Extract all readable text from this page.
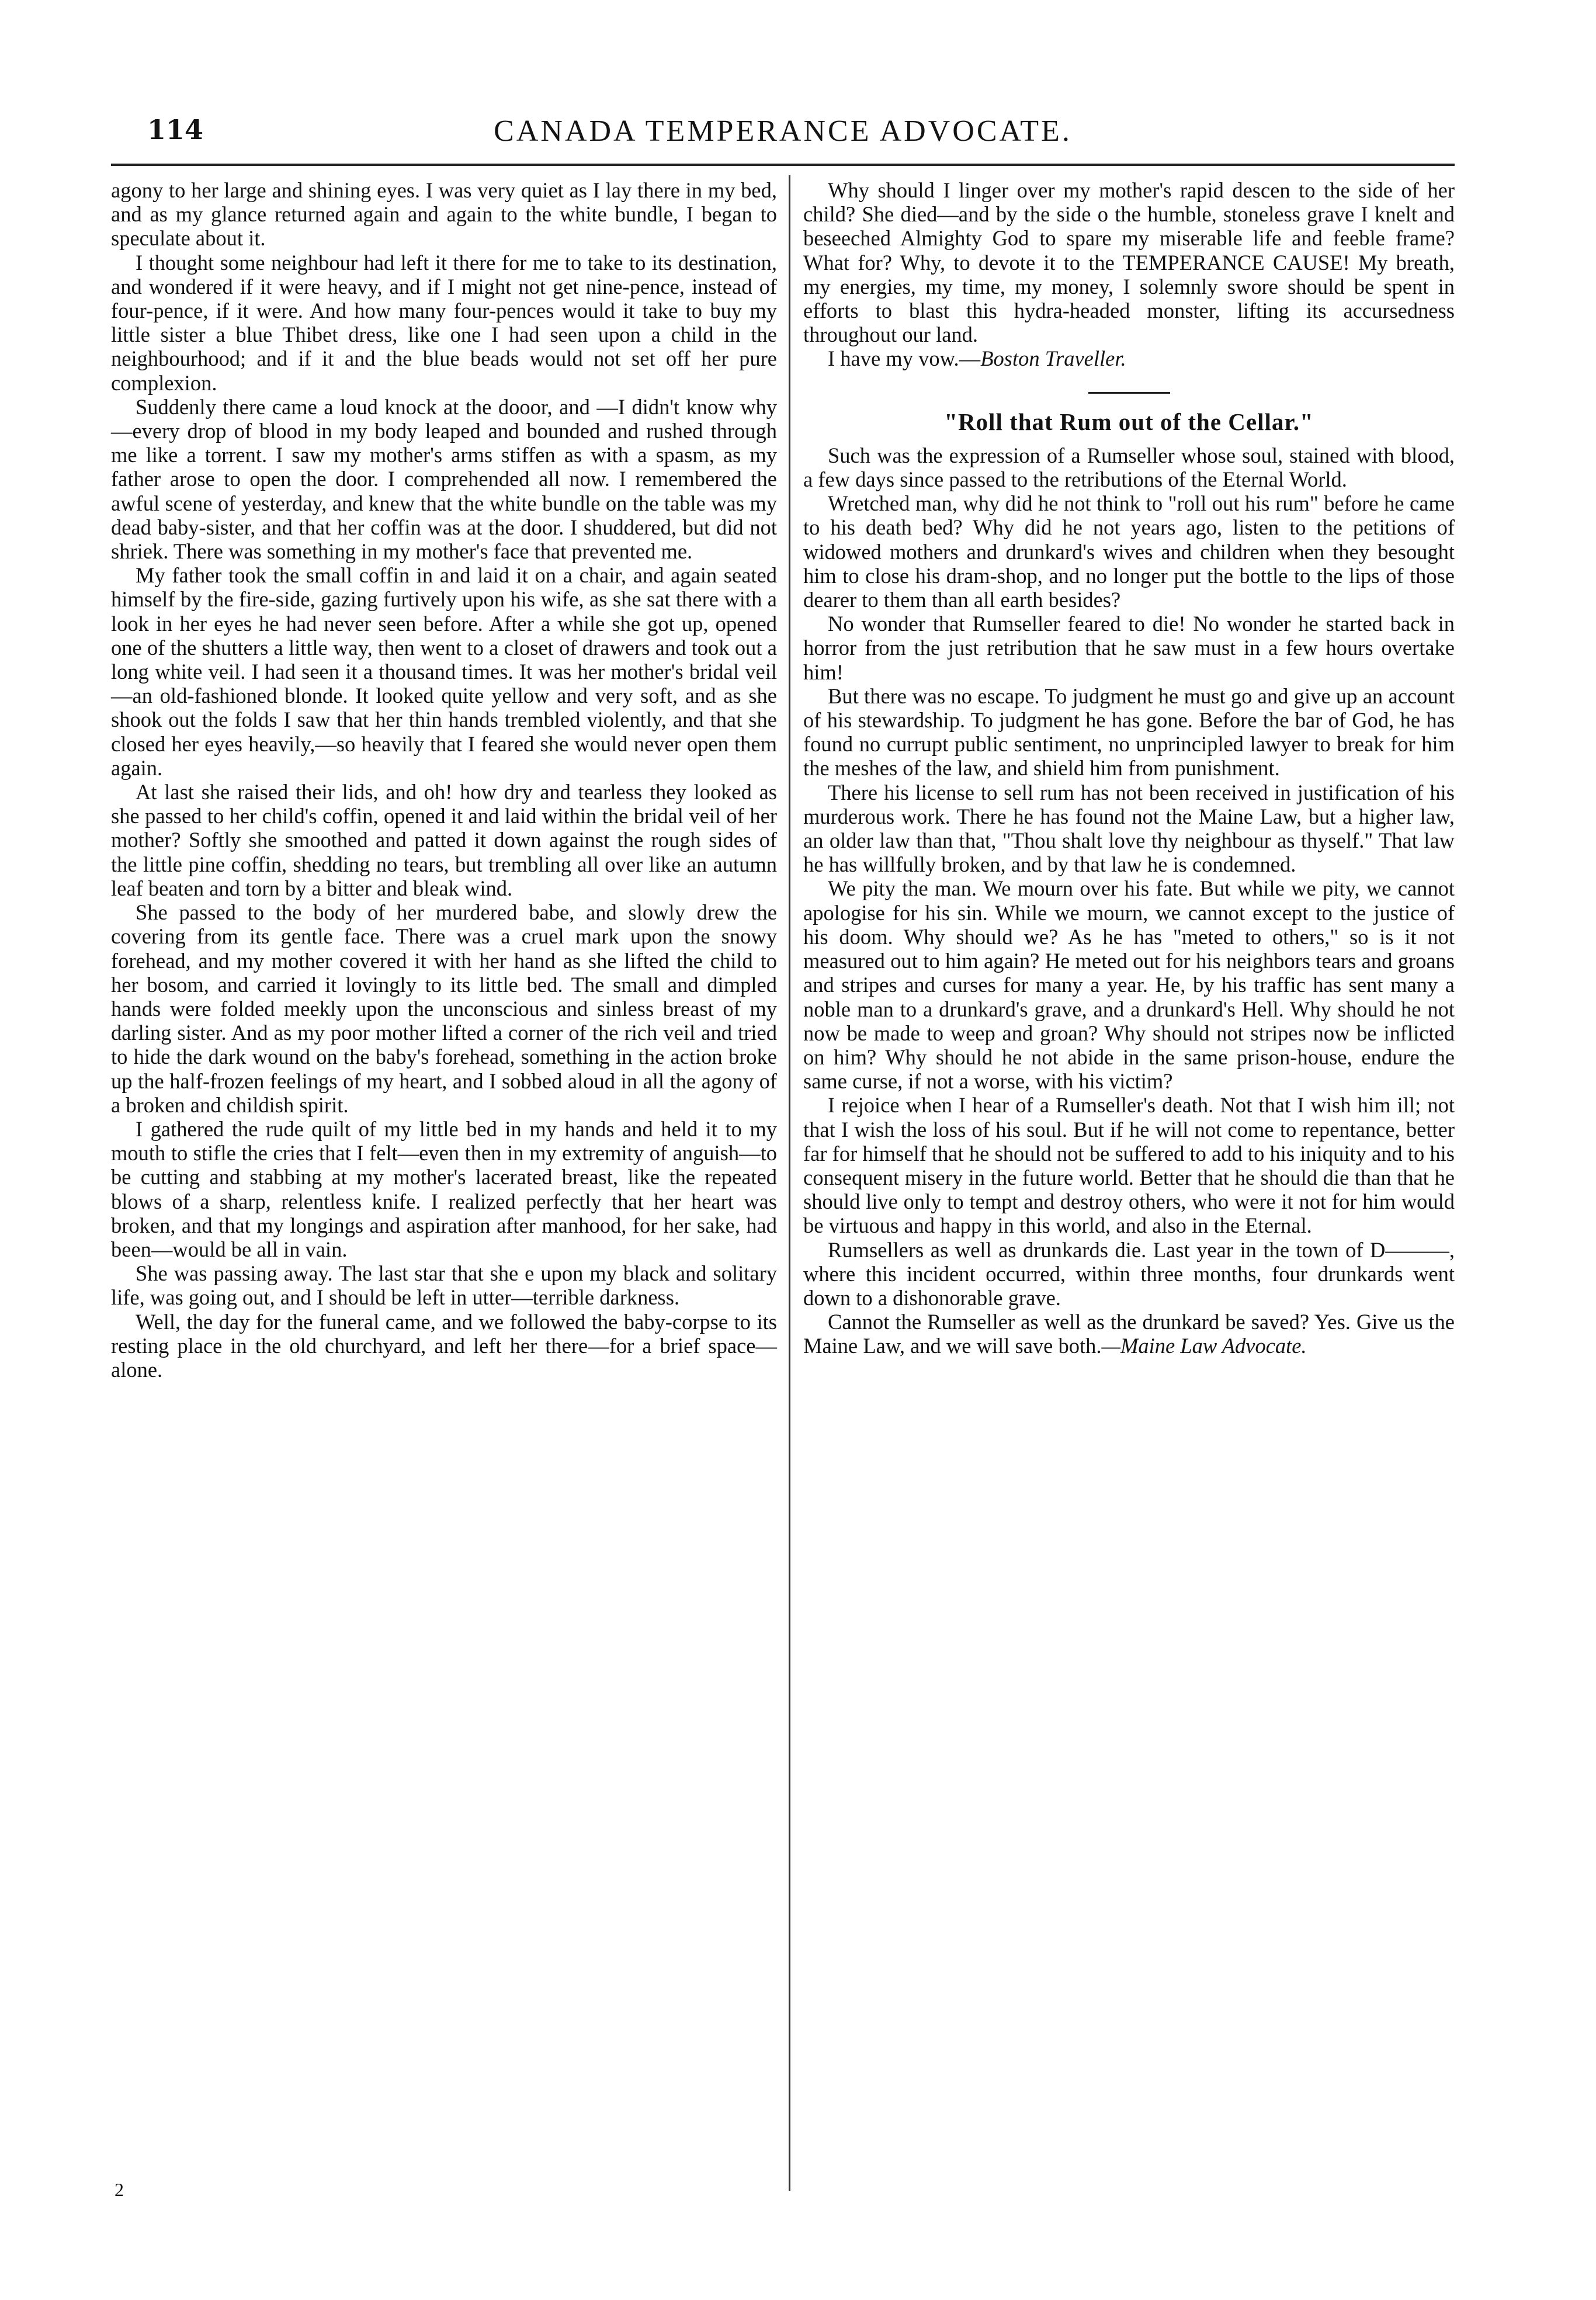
CANADA TEMPERANCE ADVOCATE.
114

agony to her large and shining eyes. I was very quiet as I lay there in my bed, and as my glance returned again and again to the white bundle, I began to speculate about it.

I thought some neighbour had left it there for me to take to its destination, and wondered if it were heavy, and if I might not get nine-pence, instead of four-pence, if it were. And how many four-pences would it take to buy my little sister a blue Thibet dress, like one I had seen upon a child in the neighbourhood; and if it and the blue beads would not set off her pure complexion.

Suddenly there came a loud knock at the dooor, and —I didn't know why—every drop of blood in my body leaped and bounded and rushed through me like a torrent. I saw my mother's arms stiffen as with a spasm, as my father arose to open the door. I comprehended all now. I remembered the awful scene of yesterday, and knew that the white bundle on the table was my dead baby-sister, and that her coffin was at the door. I shuddered, but did not shriek. There was something in my mother's face that prevented me.

My father took the small coffin in and laid it on a chair, and again seated himself by the fire-side, gazing furtively upon his wife, as she sat there with a look in her eyes he had never seen before. After a while she got up, opened one of the shutters a little way, then went to a closet of drawers and took out a long white veil. I had seen it a thousand times. It was her mother's bridal veil—an old-fashioned blonde. It looked quite yellow and very soft, and as she shook out the folds I saw that her thin hands trembled violently, and that she closed her eyes heavily,—so heavily that I feared she would never open them again.

At last she raised their lids, and oh! how dry and tearless they looked as she passed to her child's coffin, opened it and laid within the bridal veil of her mother? Softly she smoothed and patted it down against the rough sides of the little pine coffin, shedding no tears, but trembling all over like an autumn leaf beaten and torn by a bitter and bleak wind.

She passed to the body of her murdered babe, and slowly drew the covering from its gentle face. There was a cruel mark upon the snowy forehead, and my mother covered it with her hand as she lifted the child to her bosom, and carried it lovingly to its little bed. The small and dimpled hands were folded meekly upon the unconscious and sinless breast of my darling sister. And as my poor mother lifted a corner of the rich veil and tried to hide the dark wound on the baby's forehead, something in the action broke up the half-frozen feelings of my heart, and I sobbed aloud in all the agony of a broken and childish spirit.

I gathered the rude quilt of my little bed in my hands and held it to my mouth to stifle the cries that I felt—even then in my extremity of anguish—to be cutting and stabbing at my mother's lacerated breast, like the repeated blows of a sharp, relentless knife. I realized perfectly that her heart was broken, and that my longings and aspiration after manhood, for her sake, had been—would be all in vain.

She was passing away. The last star that she e upon my black and solitary life, was going out, and I should be left in utter—terrible darkness.

Well, the day for the funeral came, and we followed the baby-corpse to its resting place in the old churchyard, and left her there—for a brief space—alone.

Why should I linger over my mother's rapid descen to the side of her child? She died—and by the side o the humble, stoneless grave I knelt and beseeched Almighty God to spare my miserable life and feeble frame? What for? Why, to devote it to the TEMPERANCE CAUSE! My breath, my energies, my time, my money, I solemnly swore should be spent in efforts to blast this hydra-headed monster, lifting its accursedness throughout our land.

I have my vow.—Boston Traveller.

"Roll that Rum out of the Cellar."

Such was the expression of a Rumseller whose soul, stained with blood, a few days since passed to the retributions of the Eternal World.

Wretched man, why did he not think to "roll out his rum" before he came to his death bed? Why did he not years ago, listen to the petitions of widowed mothers and drunkard's wives and children when they besought him to close his dram-shop, and no longer put the bottle to the lips of those dearer to them than all earth besides?

No wonder that Rumseller feared to die! No wonder he started back in horror from the just retribution that he saw must in a few hours overtake him!

But there was no escape. To judgment he must go and give up an account of his stewardship. To judgment he has gone. Before the bar of God, he has found no currupt public sentiment, no unprincipled lawyer to break for him the meshes of the law, and shield him from punishment.

There his license to sell rum has not been received in justification of his murderous work. There he has found not the Maine Law, but a higher law, an older law than that, "Thou shalt love thy neighbour as thyself." That law he has willfully broken, and by that law he is condemned.

We pity the man. We mourn over his fate. But while we pity, we cannot apologise for his sin. While we mourn, we cannot except to the justice of his doom. Why should we? As he has "meted to others," so is it not measured out to him again? He meted out for his neighbors tears and groans and stripes and curses for many a year. He, by his traffic has sent many a noble man to a drunkard's grave, and a drunkard's Hell. Why should he not now be made to weep and groan? Why should not stripes now be inflicted on him? Why should he not abide in the same prison-house, endure the same curse, if not a worse, with his victim?

I rejoice when I hear of a Rumseller's death. Not that I wish him ill; not that I wish the loss of his soul. But if he will not come to repentance, better far for himself that he should not be suffered to add to his iniquity and to his consequent misery in the future world. Better that he should die than that he should live only to tempt and destroy others, who were it not for him would be virtuous and happy in this world, and also in the Eternal.

Rumsellers as well as drunkards die. Last year in the town of D———, where this incident occurred, within three months, four drunkards went down to a dishonorable grave.

Cannot the Rumseller as well as the drunkard be saved? Yes. Give us the Maine Law, and we will save both.—Maine Law Advocate.

2
